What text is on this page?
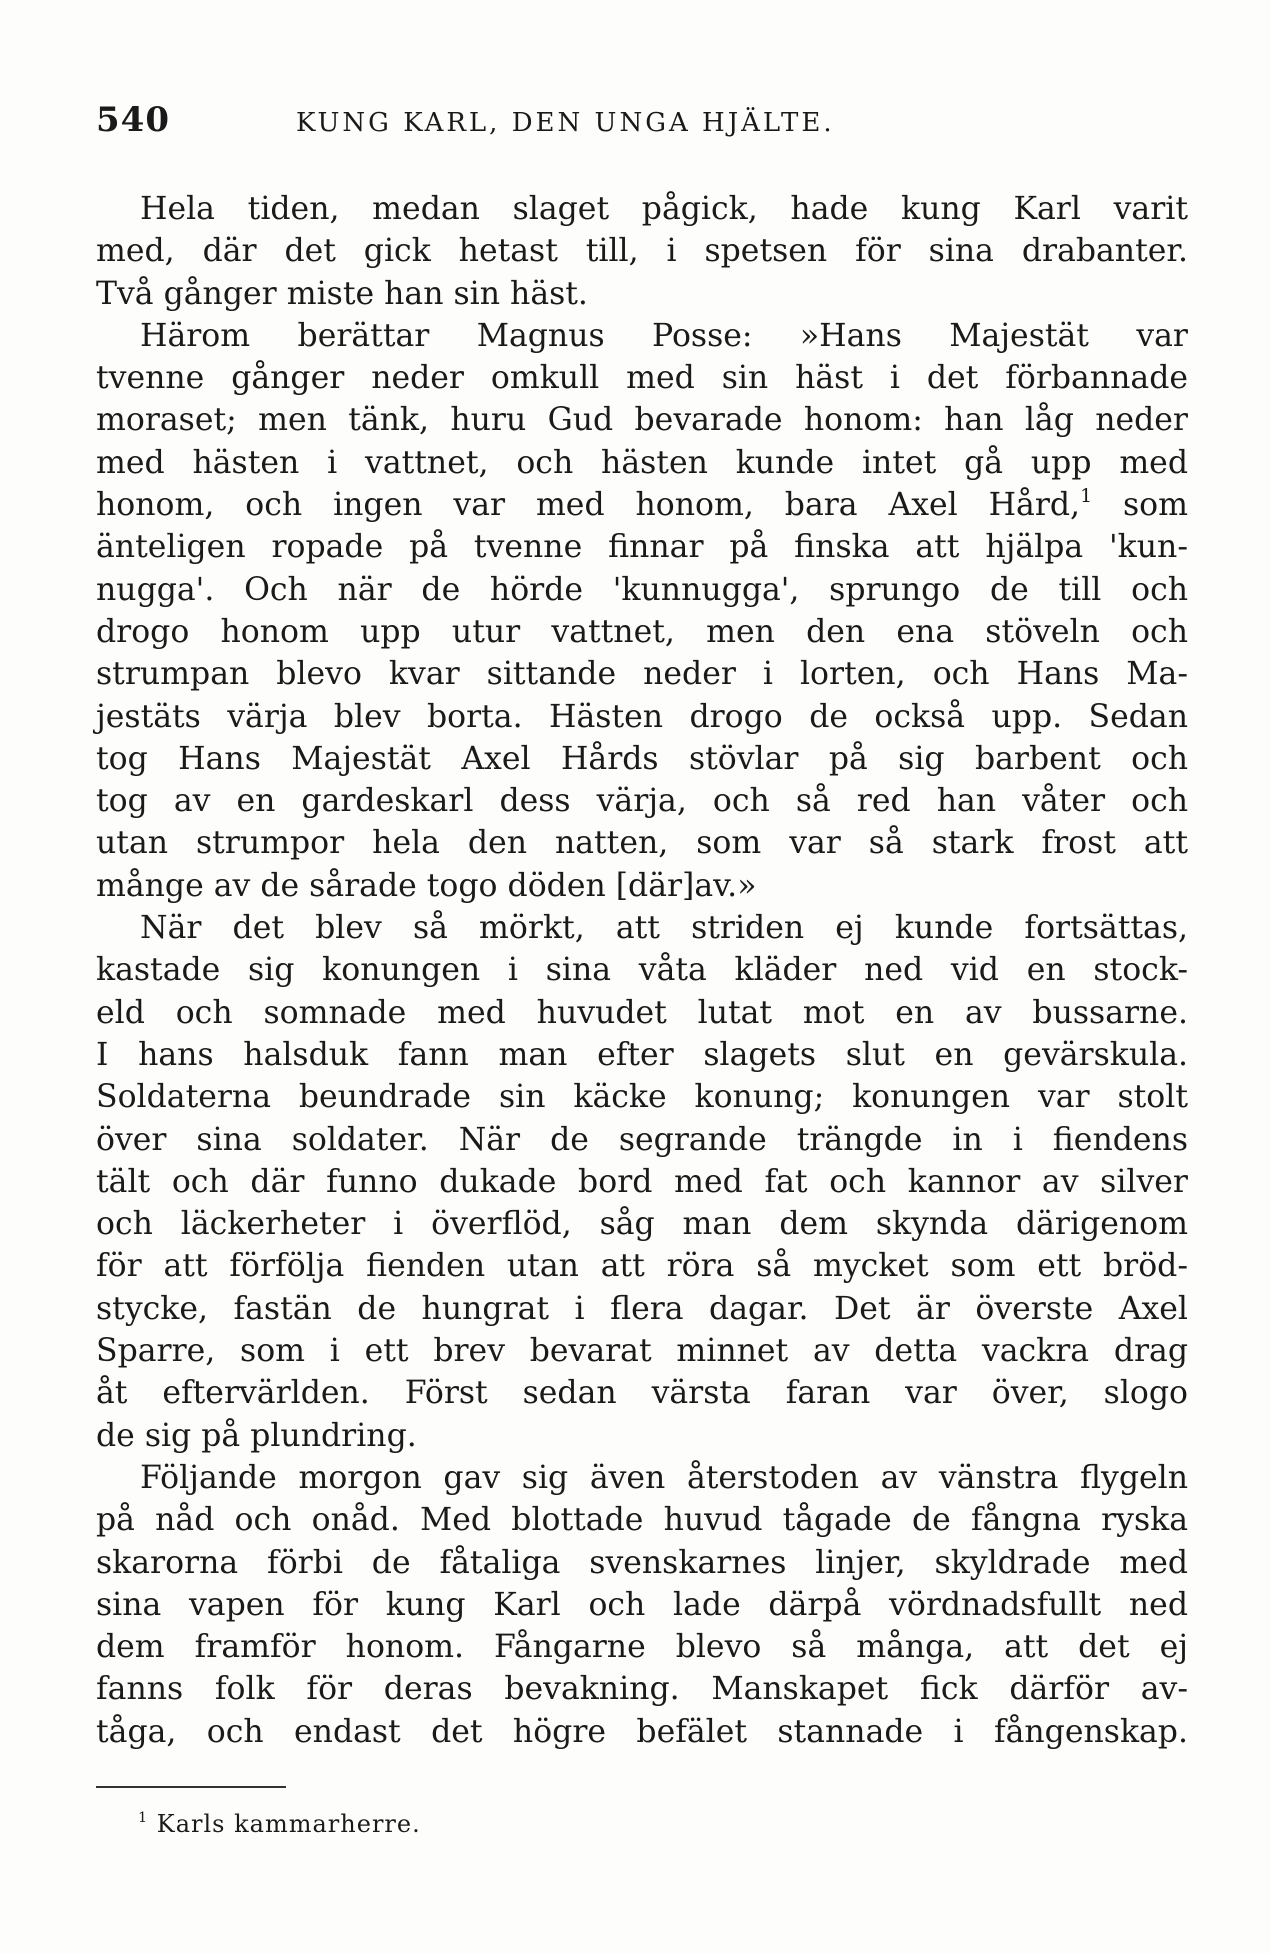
540	KUNG KARL, DEN UNGA HJÄLTE.

Hela tiden, medan slaget pågick, hade kung Karl varit
med, där det gick hetast till, i spetsen för sina drabanter.
Två gånger miste han sin häst.

Härom berättar Magnus Posse: »Hans Majestät var
tvenne gånger neder omkull med sin häst i det förbannade
moraset; men tänk, huru Gud bevarade honom: han låg neder
med hästen i vattnet, och hästen kunde intet gå upp med
honom, och ingen var med honom, bara Axel Hård,$^1$ som
änteligen ropade på tvenne finnar på finska att hjälpa 'kun-
nugga'. Och när de hörde 'kunnugga', sprungo de till och
drogo honom upp utur vattnet, men den ena stöveln och
strumpan blevo kvar sittande neder i lorten, och Hans Ma-
jestäts värja blev borta. Hästen drogo de också upp. Sedan
tog Hans Majestät Axel Hårds stövlar på sig barbent och
tog av en gardeskarl dess värja, och så red han våter och
utan strumpor hela den natten, som var så stark frost att
månge av de sårade togo döden [där]av.»

När det blev så mörkt, att striden ej kunde fortsättas,
kastade sig konungen i sina våta kläder ned vid en stock-
eld och somnade med huvudet lutat mot en av bussarne.
I hans halsduk fann man efter slagets slut en gevärskula.
Soldaterna beundrade sin käcke konung; konungen var stolt
över sina soldater. När de segrande trängde in i fiendens
tält och där funno dukade bord med fat och kannor av silver
och läckerheter i överflöd, såg man dem skynda därigenom
för att förfölja fienden utan att röra så mycket som ett bröd-
stycke, fastän de hungrat i flera dagar. Det är överste Axel
Sparre, som i ett brev bevarat minnet av detta vackra drag
åt eftervärlden. Först sedan värsta faran var över, slogo
de sig på plundring.

Följande morgon gav sig även återstoden av vänstra flygeln
på nåd och onåd. Med blottade huvud tågade de fångna ryska
skarorna förbi de fåtaliga svenskarnes linjer, skyldrade med
sina vapen för kung Karl och lade därpå vördnadsfullt ned
dem framför honom. Fångarne blevo så många, att det ej
fanns folk för deras bevakning. Manskapet fick därför av-
tåga, och endast det högre befälet stannade i fångenskap.

$^1$ Karls kammarherre.
